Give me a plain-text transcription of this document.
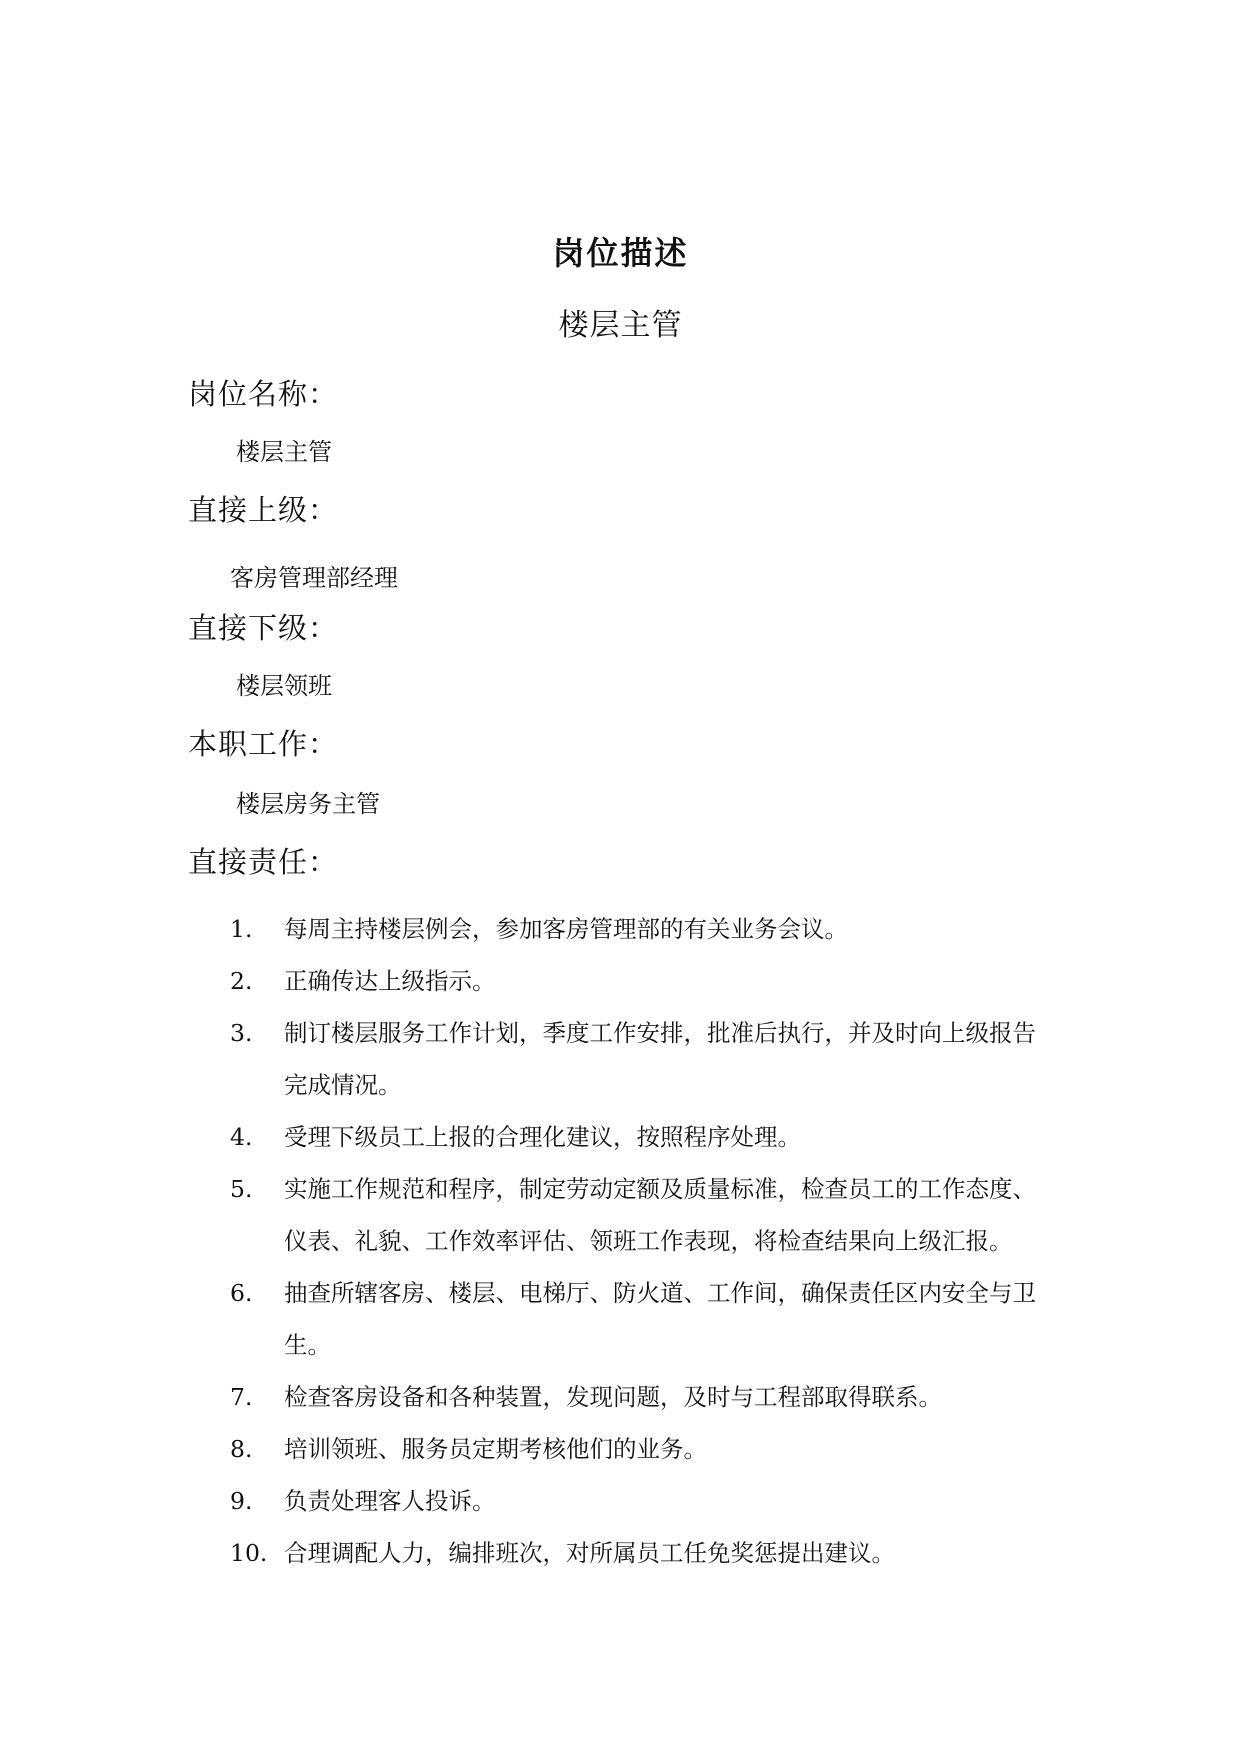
岗位描述
楼层主管
岗位名称：
楼层主管
直接上级：
客房管理部经理
直接下级：
楼层领班
本职工作：
楼层房务主管
直接责任：
1.	每周主持楼层例会，参加客房管理部的有关业务会议。
2.	正确传达上级指示。
3.	制订楼层服务工作计划，季度工作安排，批准后执行，并及时向上级报告完成情况。
4.	受理下级员工上报的合理化建议，按照程序处理。
5.	实施工作规范和程序，制定劳动定额及质量标准，检查员工的工作态度、仪表、礼貌、工作效率评估、领班工作表现，将检查结果向上级汇报。
6.	抽查所辖客房、楼层、电梯厅、防火道、工作间，确保责任区内安全与卫生。
7.	检查客房设备和各种装置，发现问题，及时与工程部取得联系。
8.	培训领班、服务员定期考核他们的业务。
9.	负责处理客人投诉。
10. 合理调配人力，编排班次，对所属员工任免奖惩提出建议。
